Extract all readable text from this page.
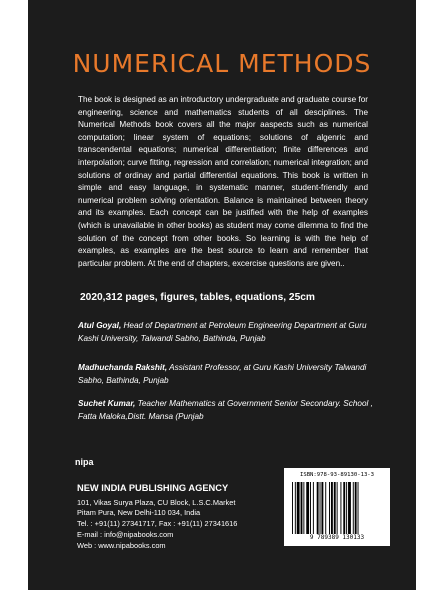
NUMERICAL METHODS

The book is designed as an introductory undergraduate and graduate course for engineering, science and mathematics students of all desciplines. The Numerical Methods book covers all the major aaspects such as numerical computation; linear system of equations; solutions of algenric and transcendental equations; numerical differentiation; finite differences and interpolation; curve fitting, regression and correlation; numerical integration; and solutions of ordinay and partial differential equations. This book is written in simple and easy language, in systematic manner, student-friendly and numerical problem solving orientation. Balance is maintained between theory and its examples. Each concept can be justified with the help of examples (which is unavailable in other books) as student may come dilemma to find the solution of the concept from other books. So learning is with the help of examples, as examples are the best source to learn and remember that particular problem. At the end of chapters, excercise questions are given..

2020,312 pages, figures, tables, equations, 25cm

Atul Goyal, Head of Department at Petroleum Engineering Department at Guru Kashi University, Talwandi Sabho, Bathinda, Punjab

Madhuchanda Rakshit, Assistant Professor, at Guru Kashi University Talwandi Sabho, Bathinda, Punjab

Suchet Kumar, Teacher Mathematics at Government Senior Secondary. School , Fatta Maloka,Distt. Mansa (Punjab

nipa

NEW INDIA PUBLISHING AGENCY

101, Vikas Surya Plaza, CU Block, L.S.C.Market

Pitam Pura, New Delhi-110 034, India

Tel. : +91(11) 27341717, Fax : +91(11) 27341616

E-mail : info@nipabooks.com

Web : www.nipabooks.com

ISBN:978-93-89130-13-3
9 789389 130133
